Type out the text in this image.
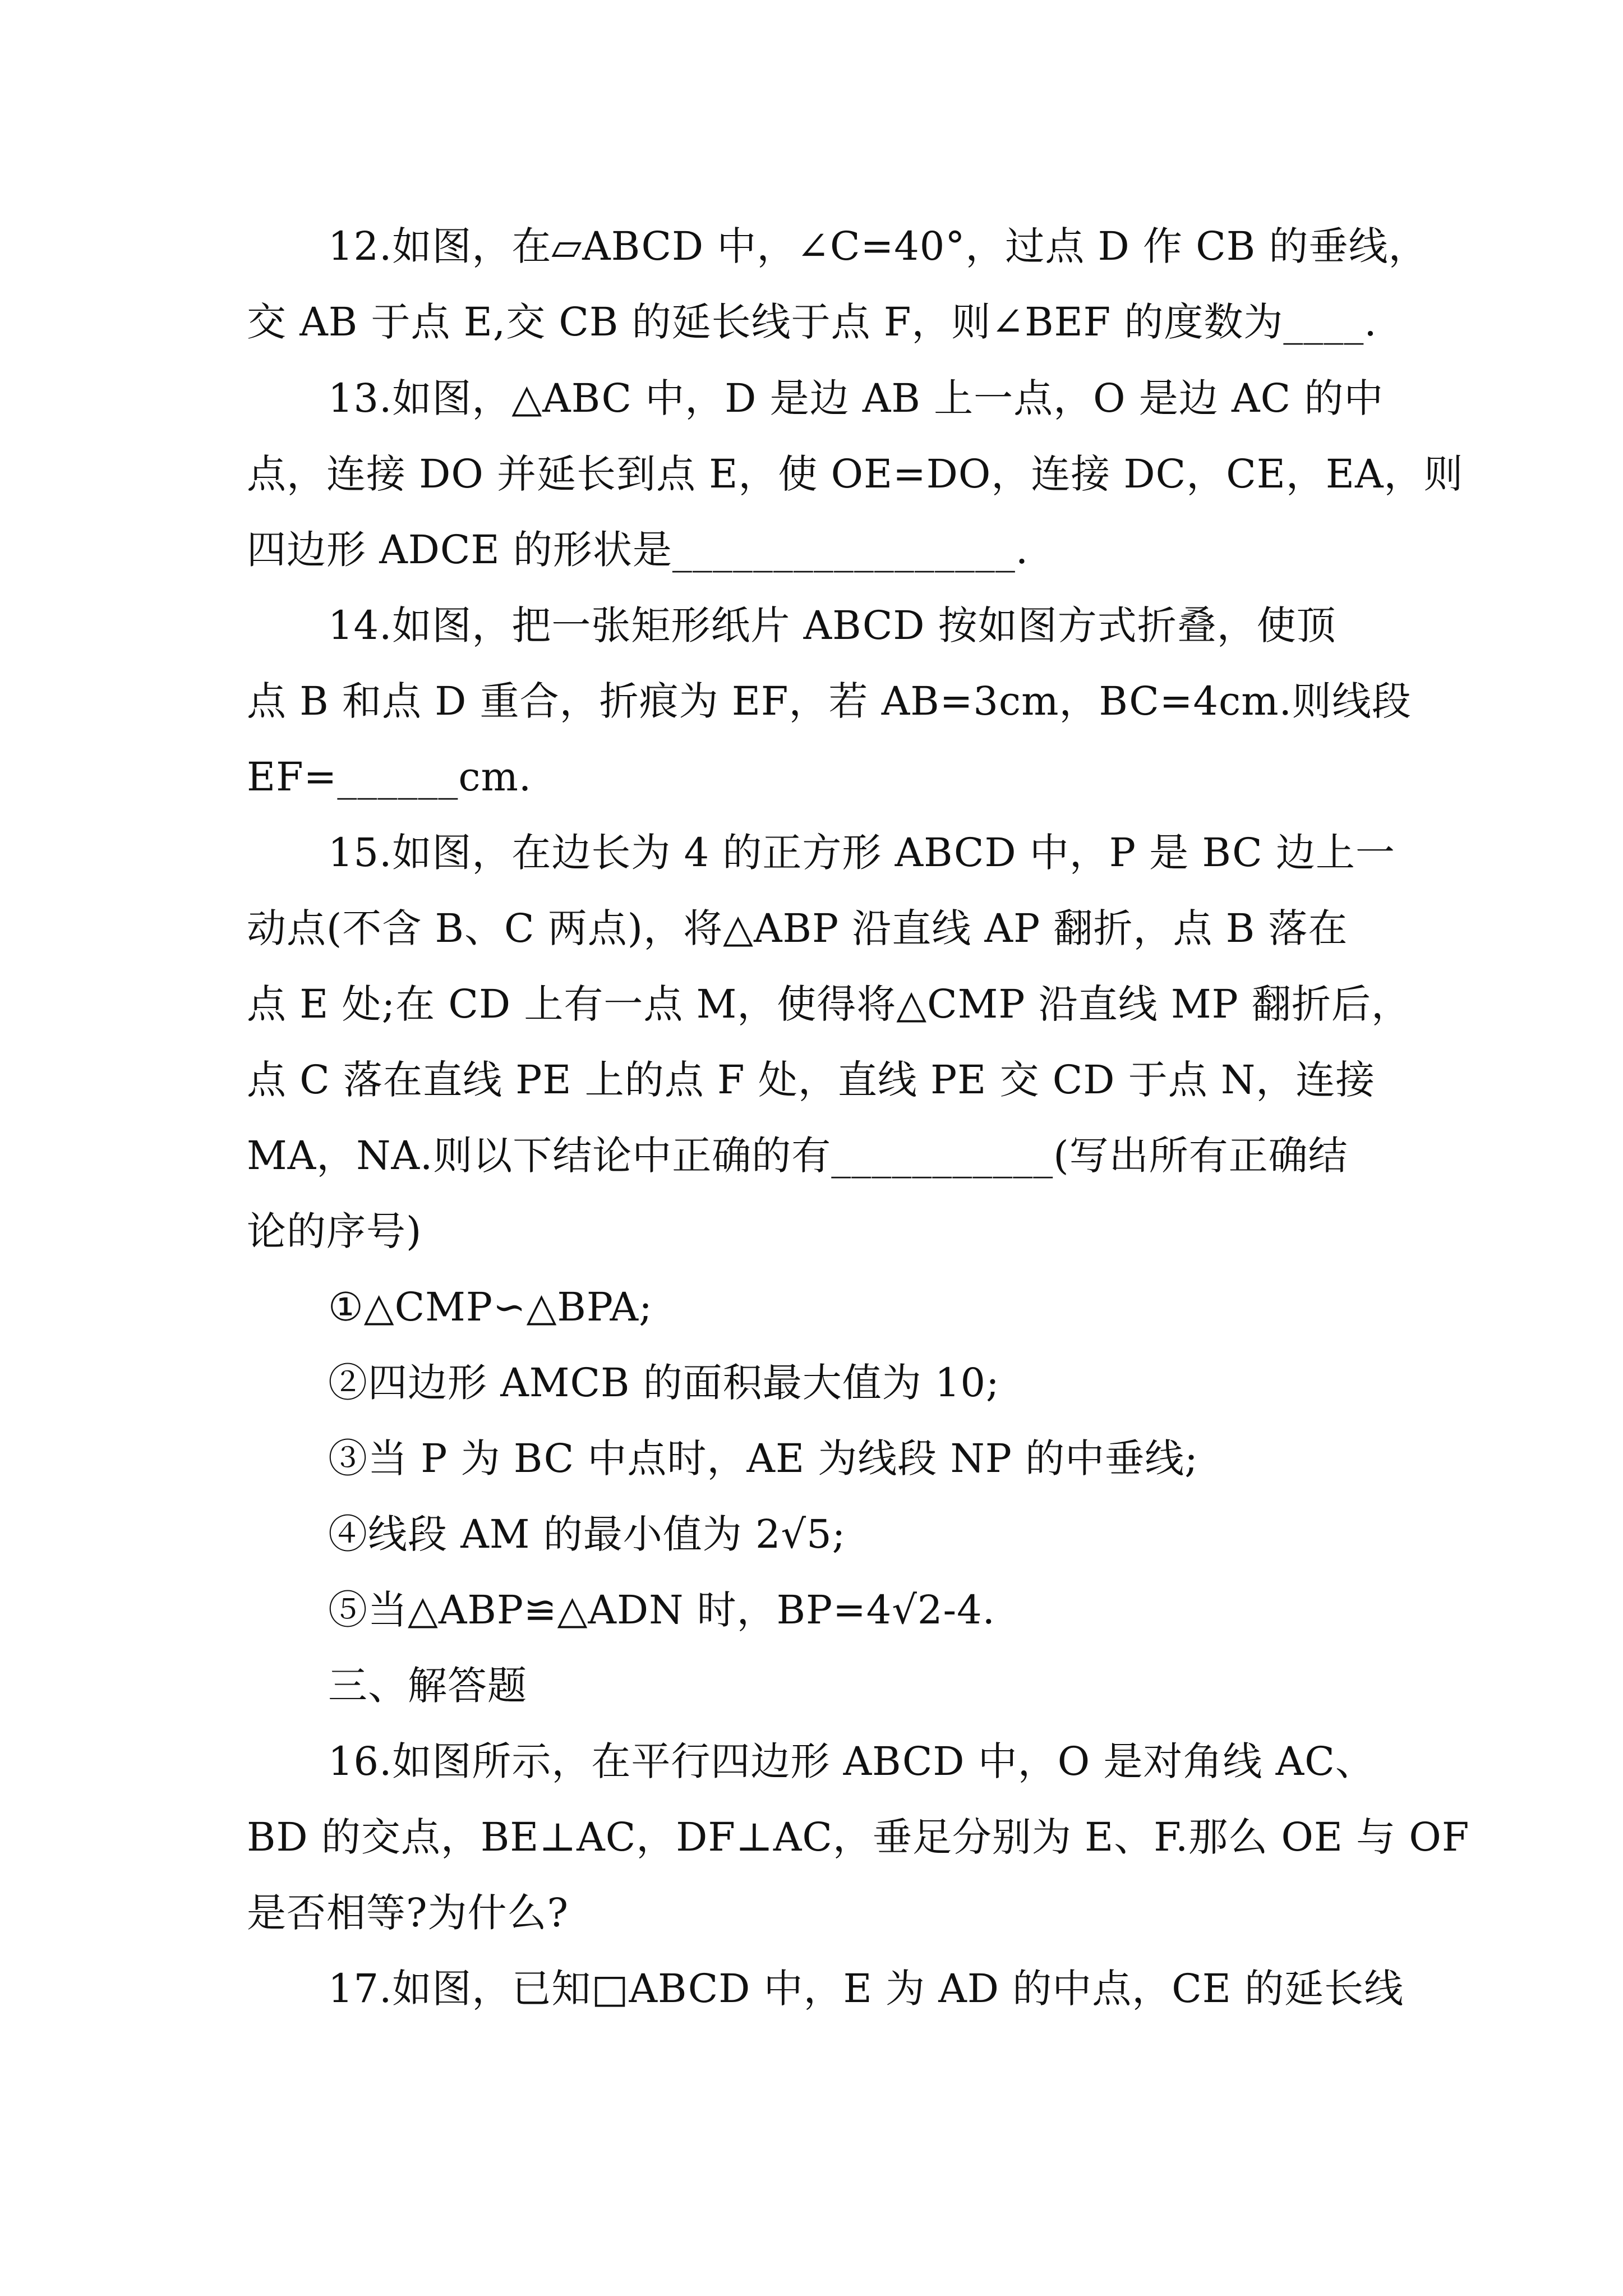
12.如图，在▱ABCD 中，∠C=40°，过点 D 作 CB 的垂线，
交 AB 于点 E,交 CB 的延长线于点 F，则∠BEF 的度数为____.
13.如图，△ABC 中，D 是边 AB 上一点，O 是边 AC 的中
点，连接 DO 并延长到点 E，使 OE=DO，连接 DC，CE，EA，则
四边形 ADCE 的形状是_________________.
14.如图，把一张矩形纸片 ABCD 按如图方式折叠，使顶
点 B 和点 D 重合，折痕为 EF，若 AB=3cm，BC=4cm.则线段
EF=______cm.
15.如图，在边长为 4 的正方形 ABCD 中，P 是 BC 边上一
动点(不含 B、C 两点)，将△ABP 沿直线 AP 翻折，点 B 落在
点 E 处;在 CD 上有一点 M，使得将△CMP 沿直线 MP 翻折后，
点 C 落在直线 PE 上的点 F 处，直线 PE 交 CD 于点 N，连接
MA，NA.则以下结论中正确的有___________(写出所有正确结
论的序号)
①△CMP∽△BPA;
②四边形 AMCB 的面积最大值为 10;
③当 P 为 BC 中点时，AE 为线段 NP 的中垂线;
④线段 AM 的最小值为 2√5;
⑤当△ABP≌△ADN 时，BP=4√2-4.
三、解答题
16.如图所示，在平行四边形 ABCD 中，O 是对角线 AC、
BD 的交点，BE⊥AC，DF⊥AC，垂足分别为 E、F.那么 OE 与 OF
是否相等?为什么?
17.如图，已知□ABCD 中，E 为 AD 的中点，CE 的延长线
